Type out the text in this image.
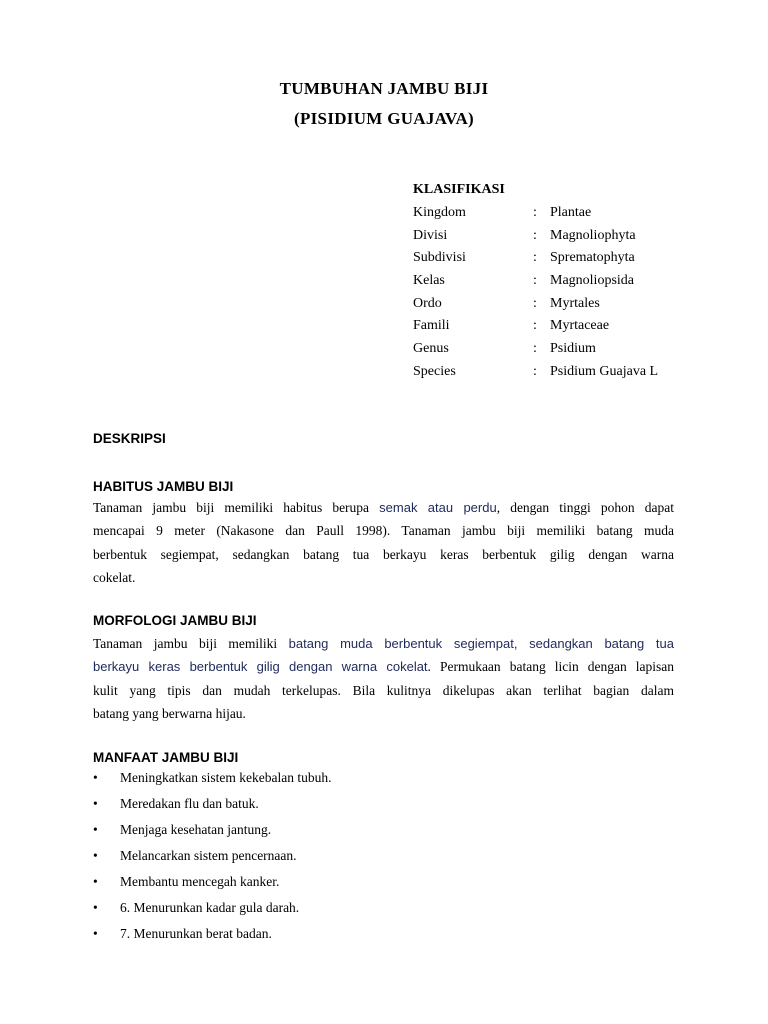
TUMBUHAN JAMBU BIJI
(PISIDIUM GUAJAVA)
KLASIFIKASI
Kingdom	: Plantae
Divisi	: Magnoliophyta
Subdivisi	: Sprematophyta
Kelas	: Magnoliopsida
Ordo	: Myrtales
Famili	: Myrtaceae
Genus	: Psidium
Species	: Psidium Guajava L
DESKRIPSI
HABITUS JAMBU BIJI
Tanaman jambu biji memiliki habitus berupa semak atau perdu, dengan tinggi pohon dapat
mencapai 9 meter (Nakasone dan Paull 1998). Tanaman jambu biji memiliki batang muda
berbentuk segiempat, sedangkan batang tua berkayu keras berbentuk gilig dengan warna
cokelat.
MORFOLOGI JAMBU BIJI
Tanaman jambu biji memiliki batang muda berbentuk segiempat, sedangkan batang tua
berkayu keras berbentuk gilig dengan warna cokelat. Permukaan batang licin dengan lapisan
kulit yang tipis dan mudah terkelupas. Bila kulitnya dikelupas akan terlihat bagian dalam
batang yang berwarna hijau.
MANFAAT JAMBU BIJI
• Meningkatkan sistem kekebalan tubuh.
• Meredakan flu dan batuk.
• Menjaga kesehatan jantung.
• Melancarkan sistem pencernaan.
• Membantu mencegah kanker.
• 6. Menurunkan kadar gula darah.
• 7. Menurunkan berat badan.
